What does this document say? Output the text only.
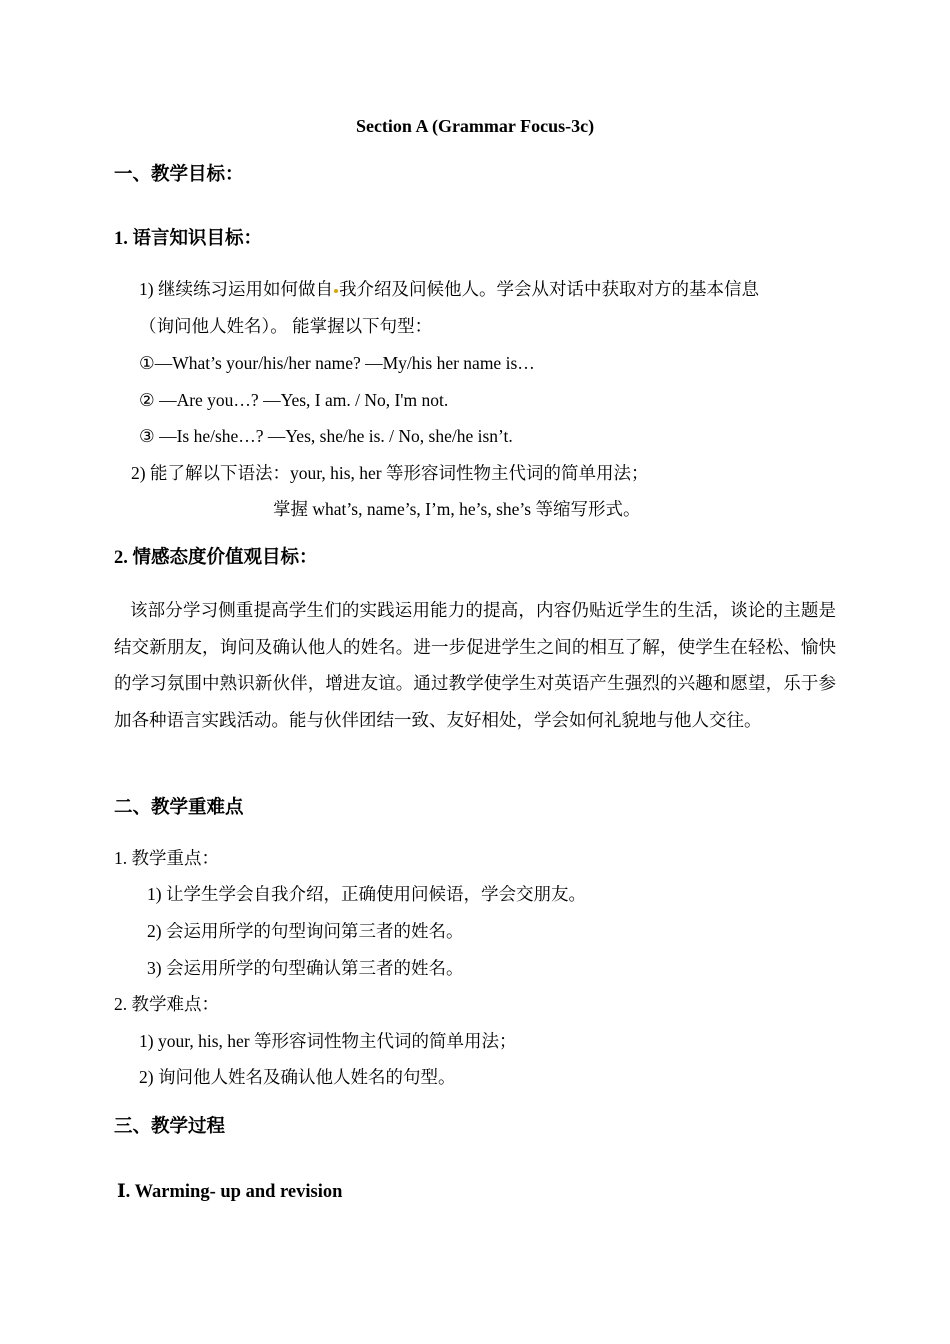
Section A (Grammar Focus-3c)
一、教学目标：
1. 语言知识目标：
1) 继续练习运用如何做自 我介绍及问候他人。学会从对话中获取对方的基本信息
（询问他人姓名）。 能掌握以下句型：
①—What’s your/his/her name? —My/his her name is…
② —Are you…? —Yes, I am. / No, I'm not.
③ —Is he/she…? —Yes, she/he is. / No, she/he isn’t.
2) 能了解以下语法：your, his, her 等形容词性物主代词的简单用法；
掌握 what’s, name’s, I’m, he’s, she’s 等缩写形式。
2. 情感态度价值观目标：
该部分学习侧重提高学生们的实践运用能力的提高，内容仍贴近学生的生活，谈论的主题是结交新朋友，询问及确认他人的姓名。进一步促进学生之间的相互了解，使学生在轻松、愉快的学习氛围中熟识新伙伴，增进友谊。通过教学使学生对英语产生强烈的兴趣和愿望，乐于参加各种语言实践活动。能与伙伴团结一致、友好相处，学会如何礼貌地与他人交往。
二、教学重难点
1. 教学重点：
1) 让学生学会自我介绍，正确使用问候语，学会交朋友。
2) 会运用所学的句型询问第三者的姓名。
3) 会运用所学的句型确认第三者的姓名。
2. 教学难点：
1) your, his, her 等形容词性物主代词的简单用法；
2) 询问他人姓名及确认他人姓名的句型。
三、教学过程
Ⅰ. Warming- up and revision
